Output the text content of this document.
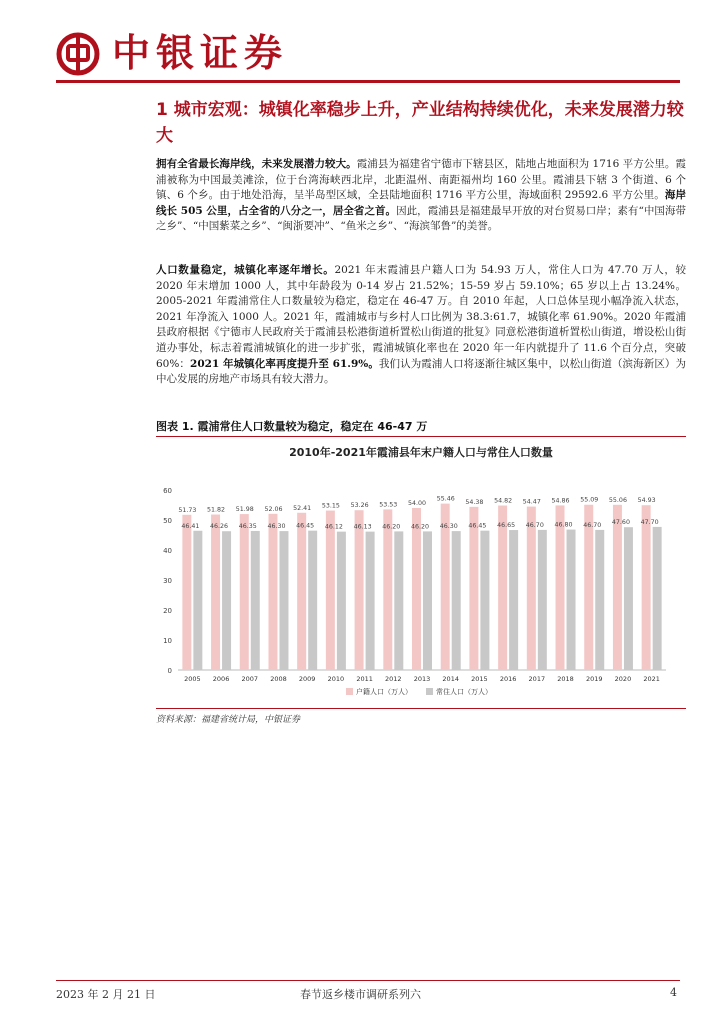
中银证券
1 城市宏观：城镇化率稳步上升，产业结构持续优化，未来发展潜力较大

拥有全省最长海岸线，未来发展潜力较大。霞浦县为福建省宁德市下辖县区，陆地占地面积为 1716 平方公里。霞浦被称为中国最美滩涂，位于台湾海峡西北岸，北距温州、南距福州均 160 公里。霞浦县下辖 3 个街道、6 个镇、6 个乡。由于地处沿海，呈半岛型区域，全县陆地面积 1716 平方公里，海域面积 29592.6 平方公里。海岸线长 505 公里，占全省的八分之一，居全省之首。因此，霞浦县是福建最早开放的对台贸易口岸；素有“中国海带之乡”、“中国紫菜之乡”、“闽浙要冲”、“鱼米之乡”、“海滨邹鲁”的美誉。

人口数量稳定，城镇化率逐年增长。2021 年末霞浦县户籍人口为 54.93 万人，常住人口为 47.70 万人，较 2020 年末增加 1000 人，其中年龄段为 0-14 岁占 21.52%；15-59 岁占 59.10%；65 岁以上占 13.24%。2005-2021 年霞浦常住人口数量较为稳定，稳定在 46-47 万。自 2010 年起，人口总体呈现小幅净流入状态，2021 年净流入 1000 人。2021 年，霞浦城市与乡村人口比例为 38.3:61.7，城镇化率 61.90%。2020 年霞浦县政府根据《宁德市人民政府关于霞浦县松港街道析置松山街道的批复》同意松港街道析置松山街道，增设松山街道办事处，标志着霞浦城镇化的进一步扩张，霞浦城镇化率也在 2020 年一年内就提升了 11.6 个百分点，突破 60%：2021 年城镇化率再度提升至 61.9%。我们认为霞浦人口将逐渐往城区集中，以松山街道（滨海新区）为中心发展的房地产市场具有较大潜力。

图表 1. 霞浦常住人口数量较为稳定，稳定在 46-47 万
2010年-2021年霞浦县年末户籍人口与常住人口数量
0
10
20
30
40
50
60
51.73
46.41
2005
51.82
46.26
2006
51.98
46.35
2007
52.06
46.30
2008
52.41
46.45
2009
53.15
46.12
2010
53.26
46.13
2011
53.53
46.20
2012
54.00
46.20
2013
55.46
46.30
2014
54.38
46.45
2015
54.82
46.65
2016
54.47
46.70
2017
54.86
46.80
2018
55.09
46.70
2019
55.06
47.60
2020
54.93
47.70
2021
户籍人口（万人）	常住人口（万人）
资料来源：福建省统计局，中银证券
2023 年 2 月 21 日	春节返乡楼市调研系列六	4
